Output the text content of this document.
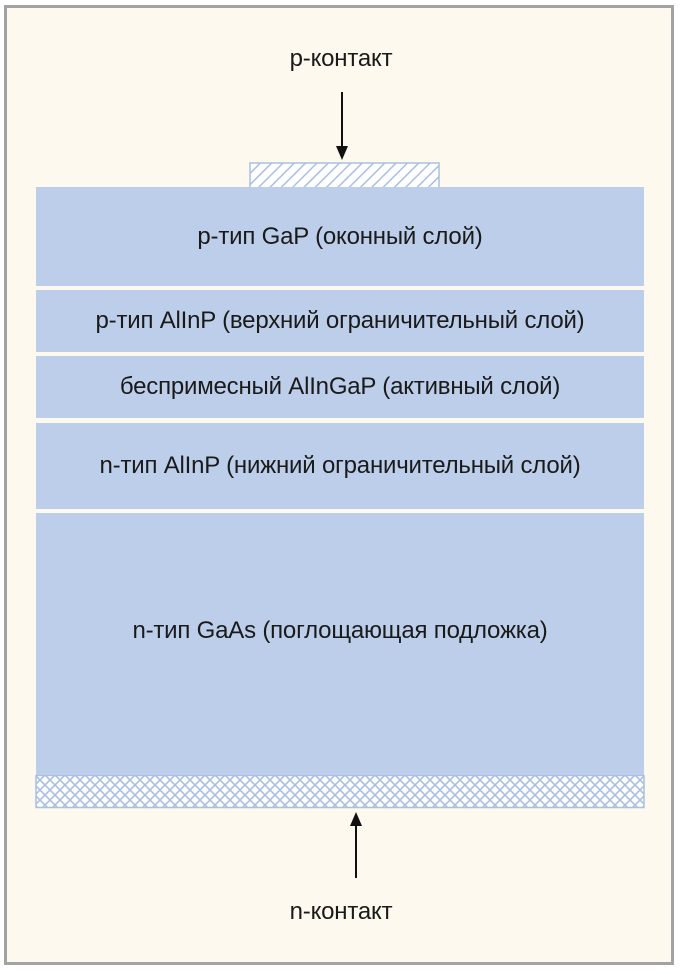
p-контакт
p-тип GaP (оконный слой)
p-тип AlInP (верхний ограничительный слой)
беспримесный AlInGaP (активный слой)
n-тип AlInP (нижний ограничительный слой)
n-тип GaAs (поглощающая подложка)
n-контакт
